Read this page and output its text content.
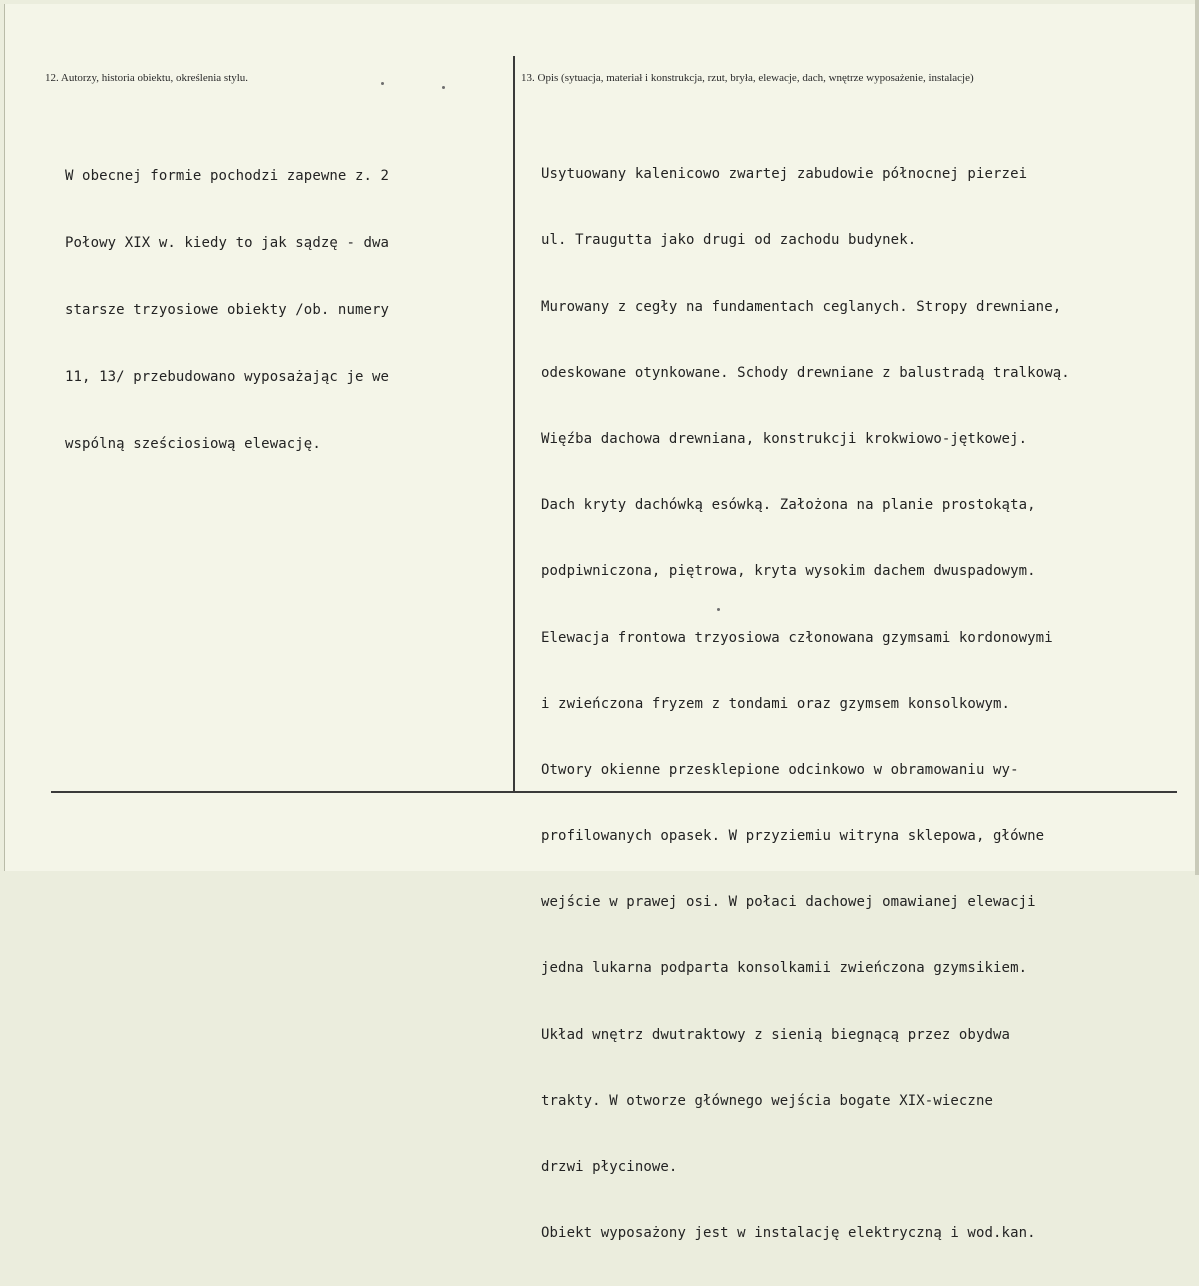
12. Autorzy, historia obiektu, określenia stylu.	13. Opis (sytuacja, materiał i konstrukcja, rzut, bryła, elewacje, dach, wnętrze wyposażenie, instalacje)

W obecnej formie pochodzi zapewne z. 2

Połowy XIX w. kiedy to jak sądzę - dwa

starsze trzyosiowe obiekty /ob. numery

11, 13/ przebudowano wyposażając je we

wspólną sześciosiową elewację.

Usytuowany kalenicowo zwartej zabudowie północnej pierzei

ul. Traugutta jako drugi od zachodu budynek.

Murowany z cegły na fundamentach ceglanych. Stropy drewniane,

odeskowane otynkowane. Schody drewniane z balustradą tralkową.

Więźba dachowa drewniana, konstrukcji krokwiowo-jętkowej.

Dach kryty dachówką esówką. Założona na planie prostokąta,

podpiwniczona, piętrowa, kryta wysokim dachem dwuspadowym.

Elewacja frontowa trzyosiowa członowana gzymsami kordonowymi

i zwieńczona fryzem z tondami oraz gzymsem konsolkowym.

Otwory okienne przesklepione odcinkowo w obramowaniu wy-

profilowanych opasek. W przyziemiu witryna sklepowa, główne

wejście w prawej osi. W połaci dachowej omawianej elewacji

jedna lukarna podparta konsolkamii zwieńczona gzymsikiem.

Układ wnętrz dwutraktowy z sienią biegnącą przez obydwa

trakty. W otworze głównego wejścia bogate XIX-wieczne

drzwi płycinowe.

Obiekt wyposażony jest w instalację elektryczną i wod.kan.
